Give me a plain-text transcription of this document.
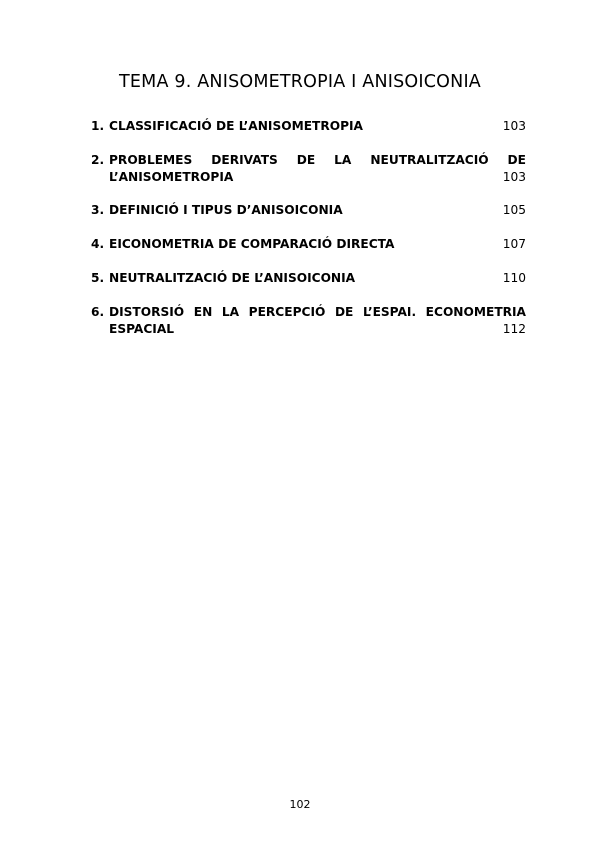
TEMA 9. ANISOMETROPIA I ANISOICONIA
1. CLASSIFICACIÓ DE L’ANISOMETROPIA	103
2. PROBLEMES DERIVATS DE LA NEUTRALITZACIÓ DE
L’ANISOMETROPIA	103
3. DEFINICIÓ I TIPUS D’ANISOICONIA	105
4. EICONOMETRIA DE COMPARACIÓ DIRECTA	107
5. NEUTRALITZACIÓ DE L’ANISOICONIA	110
6. DISTORSIÓ EN LA PERCEPCIÓ DE L’ESPAI. ECONOMETRIA
ESPACIAL	112
102
